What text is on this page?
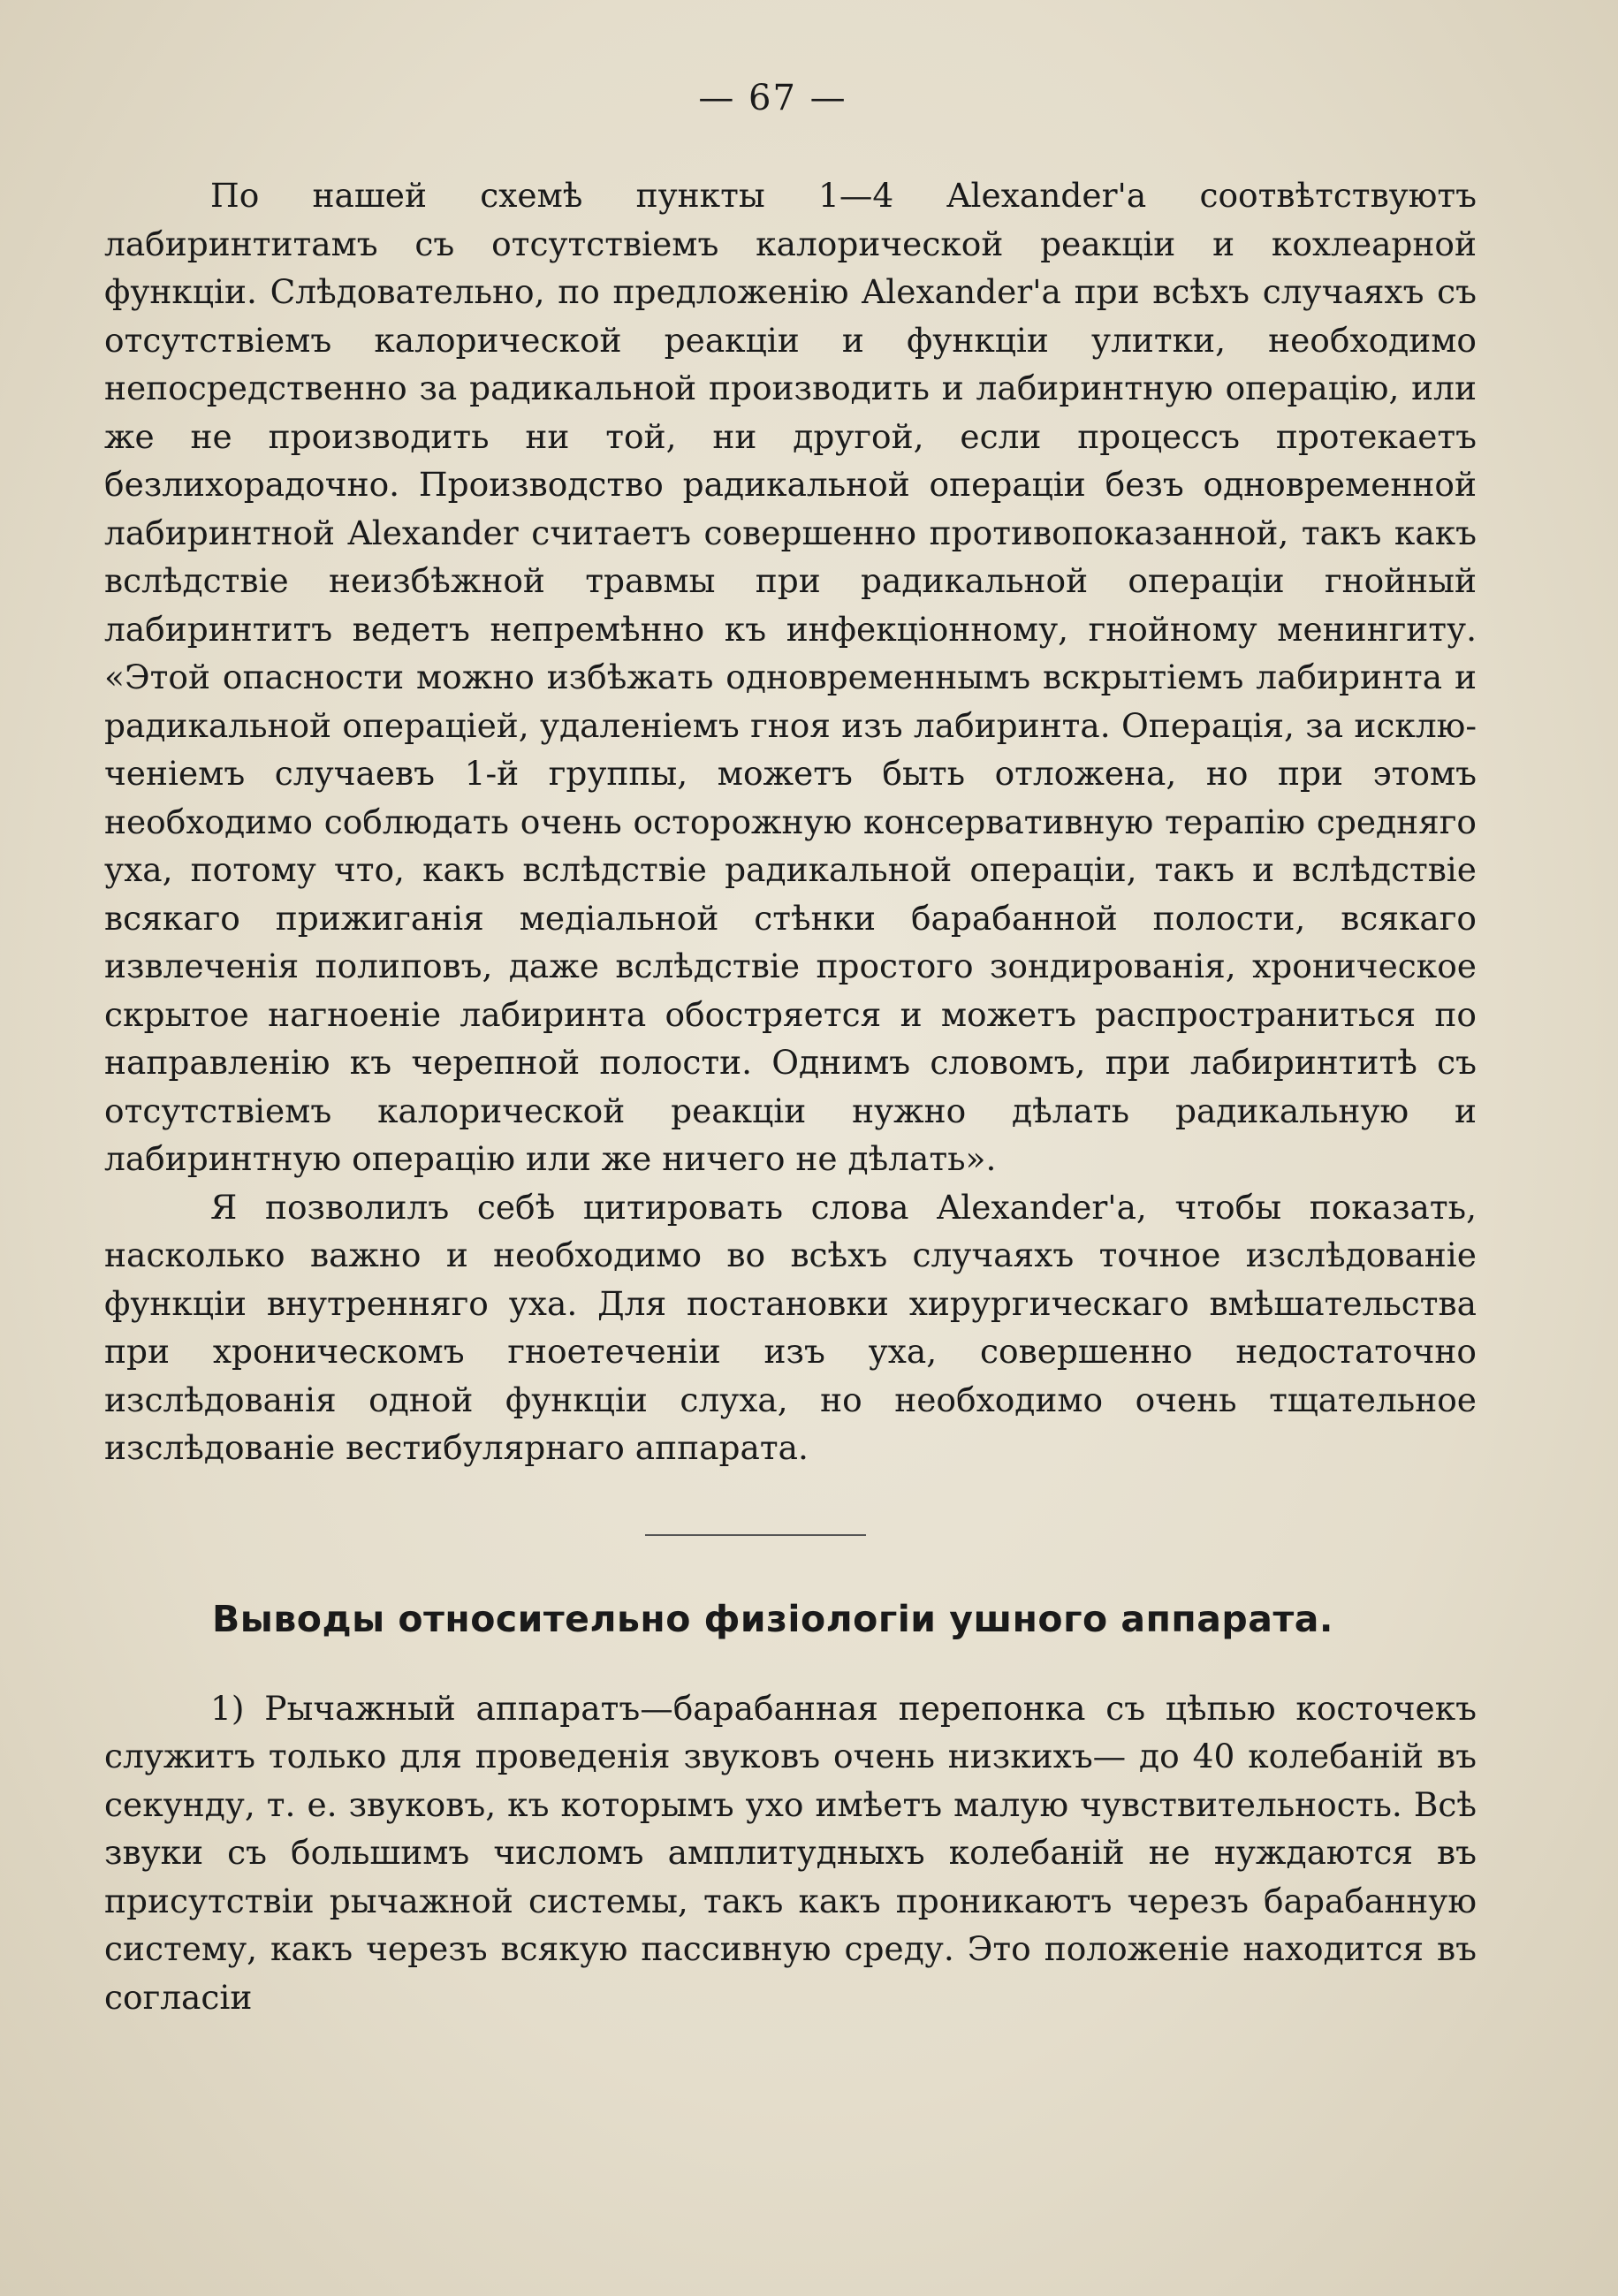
— 67 —

По нашей схемѣ пункты 1—4 Alexander'а соотвѣтствуютъ лабиринтитамъ съ отсутствіемъ калорической реакціи и кохлеарной функціи. Слѣдовательно, по предложенію Alexander'а при всѣхъ случаяхъ съ отсутствіемъ калорической реакціи и функціи улитки, необходимо непосредственно за радикальной производить и лабиринтную операцію, или же не производить ни той, ни другой, если процессъ протекаетъ безлихорадочно. Производство радикальной операціи безъ одновременной лабиринтной Alexander считаетъ совершенно противопоказанной, такъ какъ вслѣдствіе неизбѣжной травмы при радикальной операціи гнойный лабиринтитъ ведетъ непремѣнно къ инфекціонному, гнойному менингиту. «Этой опасности можно избѣжать одновременнымъ вскрытіемъ лабиринта и радикальной операціей, удаленіемъ гноя изъ лабиринта. Операція, за исключеніемъ случаевъ 1-й группы, можетъ быть отложена, но при этомъ необходимо соблюдать очень осторожную консервативную терапію средняго уха, потому что, какъ вслѣдствіе радикальной операціи, такъ и вслѣдствіе всякаго прижиганія медіальной стѣнки барабанной полости, всякаго извлеченія полиповъ, даже вслѣдствіе простого зондированія, хроническое скрытое нагноеніе лабиринта обостряется и можетъ распространиться по направленію къ черепной полости. Однимъ словомъ, при лабиринтитѣ съ отсутствіемъ калорической реакціи нужно дѣлать радикальную и лабиринтную операцію или же ничего не дѣлать».

Я позволилъ себѣ цитировать слова Alexander'а, чтобы показать, насколько важно и необходимо во всѣхъ случаяхъ точное изслѣдованіе функціи внутренняго уха. Для постановки хирургическаго вмѣшательства при хроническомъ гноетеченіи изъ уха, совершенно недостаточно изслѣдованія одной функціи слуха, но необходимо очень тщательное изслѣдованіе вестибулярнаго аппарата.

Выводы относительно физіологіи ушного аппарата.

1) Рычажный аппаратъ—барабанная перепонка съ цѣпью косточекъ служитъ только для проведенія звуковъ очень низкихъ— до 40 колебаній въ секунду, т. е. звуковъ, къ которымъ ухо имѣетъ малую чувствительность. Всѣ звуки съ большимъ числомъ амплитудныхъ колебаній не нуждаются въ присутствіи рычажной системы, такъ какъ проникаютъ черезъ барабанную систему, какъ черезъ всякую пассивную среду. Это положеніе находится въ согласіи
